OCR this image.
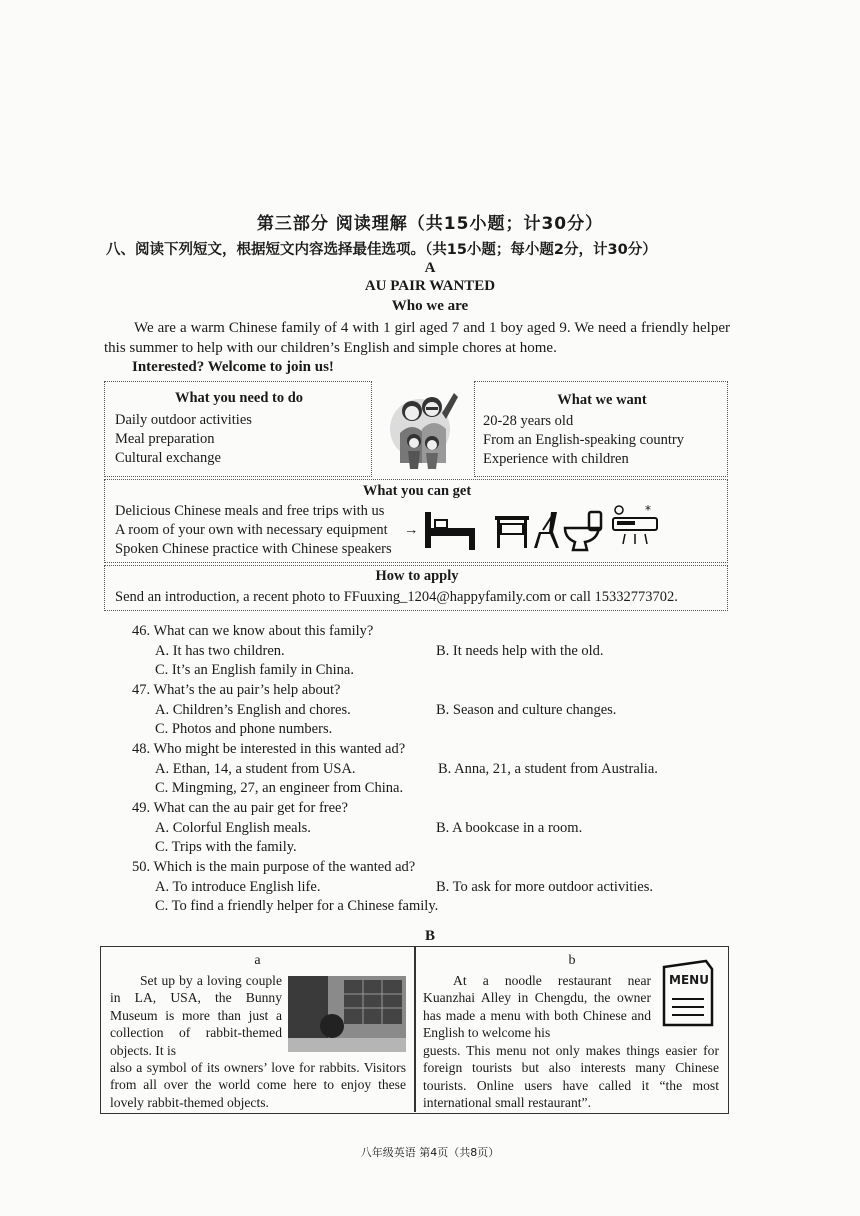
第三部分 阅读理解（共15小题；计30分）
八、阅读下列短文，根据短文内容选择最佳选项。（共15小题；每小题2分，计30分）
A
AU PAIR WANTED
Who we are
We are a warm Chinese family of 4 with 1 girl aged 7 and 1 boy aged 9. We need a friendly helper this summer to help with our children’s English and simple chores at home.
Interested? Welcome to join us!
What you need to do
Daily outdoor activities
Meal preparation
Cultural exchange
What we want
20-28 years old
From an English-speaking country
Experience with children
What you can get
Delicious Chinese meals and free trips with us
A room of your own with necessary equipment →
Spoken Chinese practice with Chinese speakers
*
How to apply
Send an introduction, a recent photo to FFuuxing_1204@happyfamily.com or call 15332773702.
46. What can we know about this family?
A. It has two children.	B. It needs help with the old.
C. It’s an English family in China.
47. What’s the au pair’s help about?
A. Children’s English and chores.	B. Season and culture changes.
C. Photos and phone numbers.
48. Who might be interested in this wanted ad?
A. Ethan, 14, a student from USA.	B. Anna, 21, a student from Australia.
C. Mingming, 27, an engineer from China.
49. What can the au pair get for free?
A. Colorful English meals.	B. A bookcase in a room.
C. Trips with the family.
50. Which is the main purpose of the wanted ad?
A. To introduce English life.	B. To ask for more outdoor activities.
C. To find a friendly helper for a Chinese family.
B
a
Set up by a loving couple in LA, USA, the Bunny Museum is more than just a collection of rabbit-themed objects. It is
also a symbol of its owners’ love for rabbits. Visitors from all over the world come here to enjoy these lovely rabbit-themed objects.
b
At a noodle restaurant near Kuanzhai Alley in Chengdu, the owner has made a menu with both Chinese and English to welcome his
MENU
guests. This menu not only makes things easier for foreign tourists but also interests many Chinese tourists. Online users have called it “the most international small restaurant”.
八年级英语 第4页（共8页）
